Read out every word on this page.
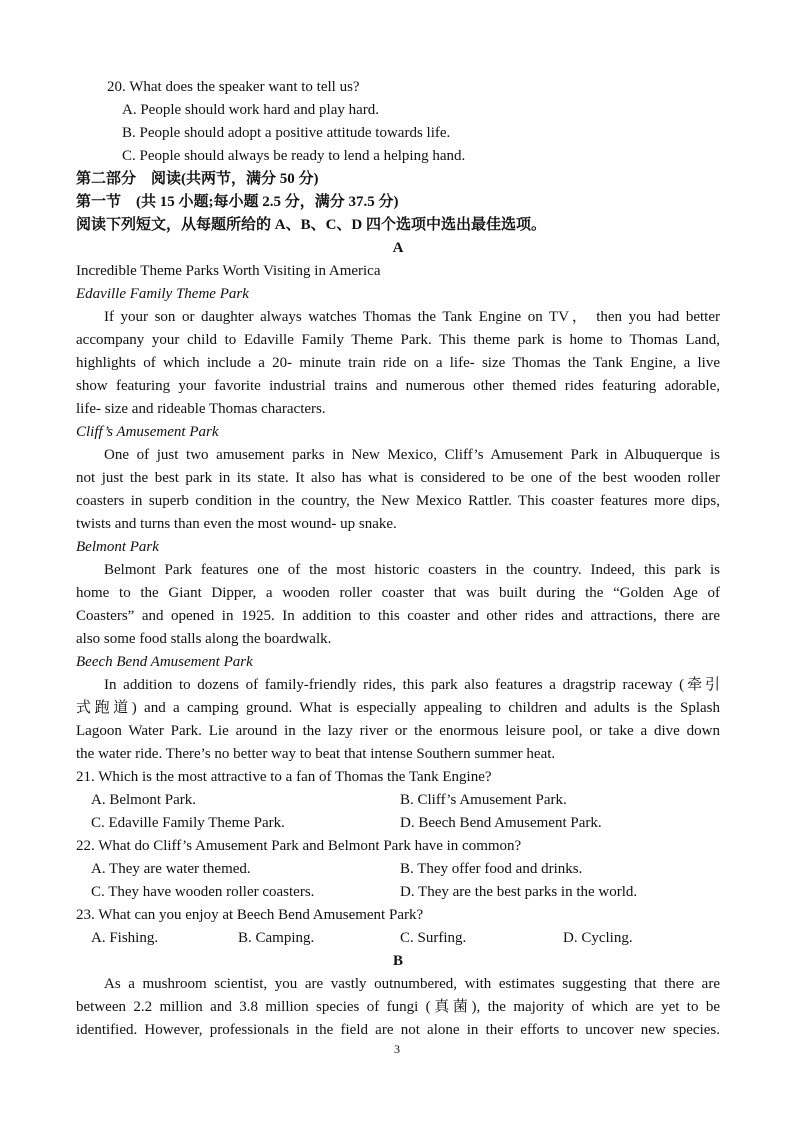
20. What does the speaker want to tell us?
A. People should work hard and play hard.
B. People should adopt a positive attitude towards life.
C. People should always be ready to lend a helping hand.
第二部分　阅读(共两节，满分 50 分)
第一节　(共 15 小题;每小题 2.5 分，满分 37.5 分)
阅读下列短文，从每题所给的 A、B、C、D 四个选项中选出最佳选项。
A
Incredible Theme Parks Worth Visiting in America
Edaville Family Theme Park
If your son or daughter always watches Thomas the Tank Engine on TV， then you had better
accompany your child to Edaville Family Theme Park. This theme park is home to Thomas Land,
highlights of which include a 20- minute train ride on a life- size Thomas the Tank Engine, a live
show featuring your favorite industrial trains and numerous other themed rides featuring adorable,
life- size and rideable Thomas characters.
Cliff’s Amusement Park
One of just two amusement parks in New Mexico, Cliff’s Amusement Park in Albuquerque is
not just the best park in its state. It also has what is considered to be one of the best wooden roller
coasters in superb condition in the country, the New Mexico Rattler. This coaster features more dips,
twists and turns than even the most wound- up snake.
Belmont Park
Belmont Park features one of the most historic coasters in the country. Indeed, this park is
home to the Giant Dipper, a wooden roller coaster that was built during the “Golden Age of
Coasters” and opened in 1925. In addition to this coaster and other rides and attractions, there are
also some food stalls along the boardwalk.
Beech Bend Amusement Park
In addition to dozens of family-friendly rides, this park also features a dragstrip raceway (牵引
式跑道) and a camping ground. What is especially appealing to children and adults is the Splash
Lagoon Water Park. Lie around in the lazy river or the enormous leisure pool, or take a dive down
the water ride. There’s no better way to beat that intense Southern summer heat.
21. Which is the most attractive to a fan of Thomas the Tank Engine?
A. Belmont Park.	B. Cliff’s Amusement Park.
C. Edaville Family Theme Park.	D. Beech Bend Amusement Park.
22. What do Cliff’s Amusement Park and Belmont Park have in common?
A. They are water themed.	B. They offer food and drinks.
C. They have wooden roller coasters.	D. They are the best parks in the world.
23. What can you enjoy at Beech Bend Amusement Park?
A. Fishing.	B. Camping.	C. Surfing.	D. Cycling.
B
As a mushroom scientist, you are vastly outnumbered, with estimates suggesting that there are
between 2.2 million and 3.8 million species of fungi (真菌), the majority of which are yet to be
identified. However, professionals in the field are not alone in their efforts to uncover new species.
3
